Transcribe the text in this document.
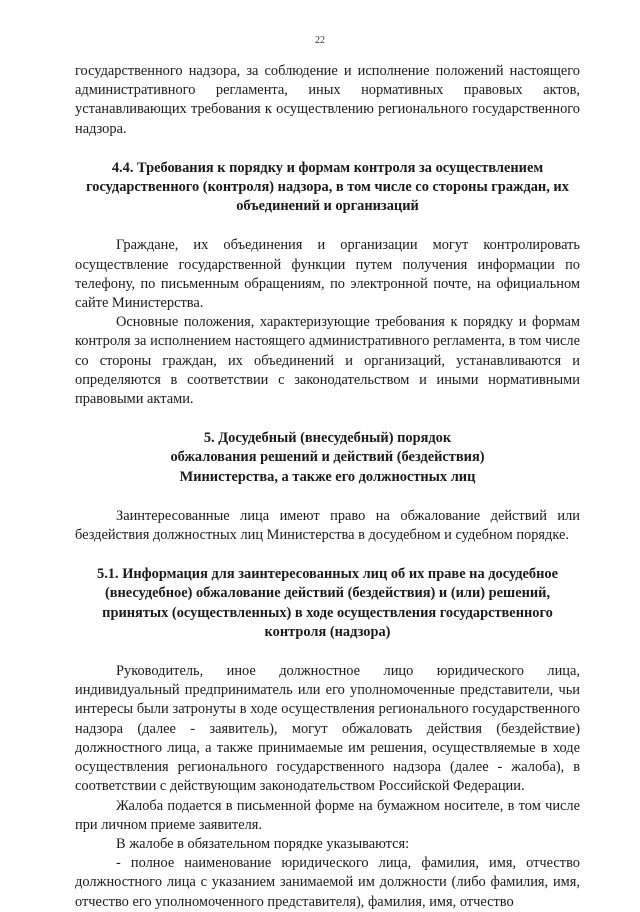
22

государственного надзора, за соблюдение и исполнение положений настоящего административного регламента, иных нормативных правовых актов, устанавливающих требования к осуществлению регионального государственного надзора.

4.4. Требования к порядку и формам контроля за осуществлением государственного (контроля) надзора, в том числе со стороны граждан, их объединений и организаций

Граждане, их объединения и организации могут контролировать осуществление государственной функции путем получения информации по телефону, по письменным обращениям, по электронной почте, на официальном сайте Министерства.

Основные положения, характеризующие требования к порядку и формам контроля за исполнением настоящего административного регламента, в том числе со стороны граждан, их объединений и организаций, устанавливаются и определяются в соответствии с законодательством и иными нормативными правовыми актами.

5. Досудебный (внесудебный) порядок обжалования решений и действий (бездействия) Министерства, а также его должностных лиц

Заинтересованные лица имеют право на обжалование действий или бездействия должностных лиц Министерства в досудебном и судебном порядке.

5.1. Информация для заинтересованных лиц об их праве на досудебное (внесудебное) обжалование действий (бездействия) и (или) решений, принятых (осуществленных) в ходе осуществления государственного контроля (надзора)

Руководитель, иное должностное лицо юридического лица, индивидуальный предприниматель или его уполномоченные представители, чьи интересы были затронуты в ходе осуществления регионального государственного надзора (далее - заявитель), могут обжаловать действия (бездействие) должностного лица, а также принимаемые им решения, осуществляемые в ходе осуществления регионального государственного надзора (далее - жалоба), в соответствии с действующим законодательством Российской Федерации.

Жалоба подается в письменной форме на бумажном носителе, в том числе при личном приеме заявителя.

В жалобе в обязательном порядке указываются:

- полное наименование юридического лица, фамилия, имя, отчество должностного лица с указанием занимаемой им должности (либо фамилия, имя, отчество его уполномоченного представителя), фамилия, имя, отчество
